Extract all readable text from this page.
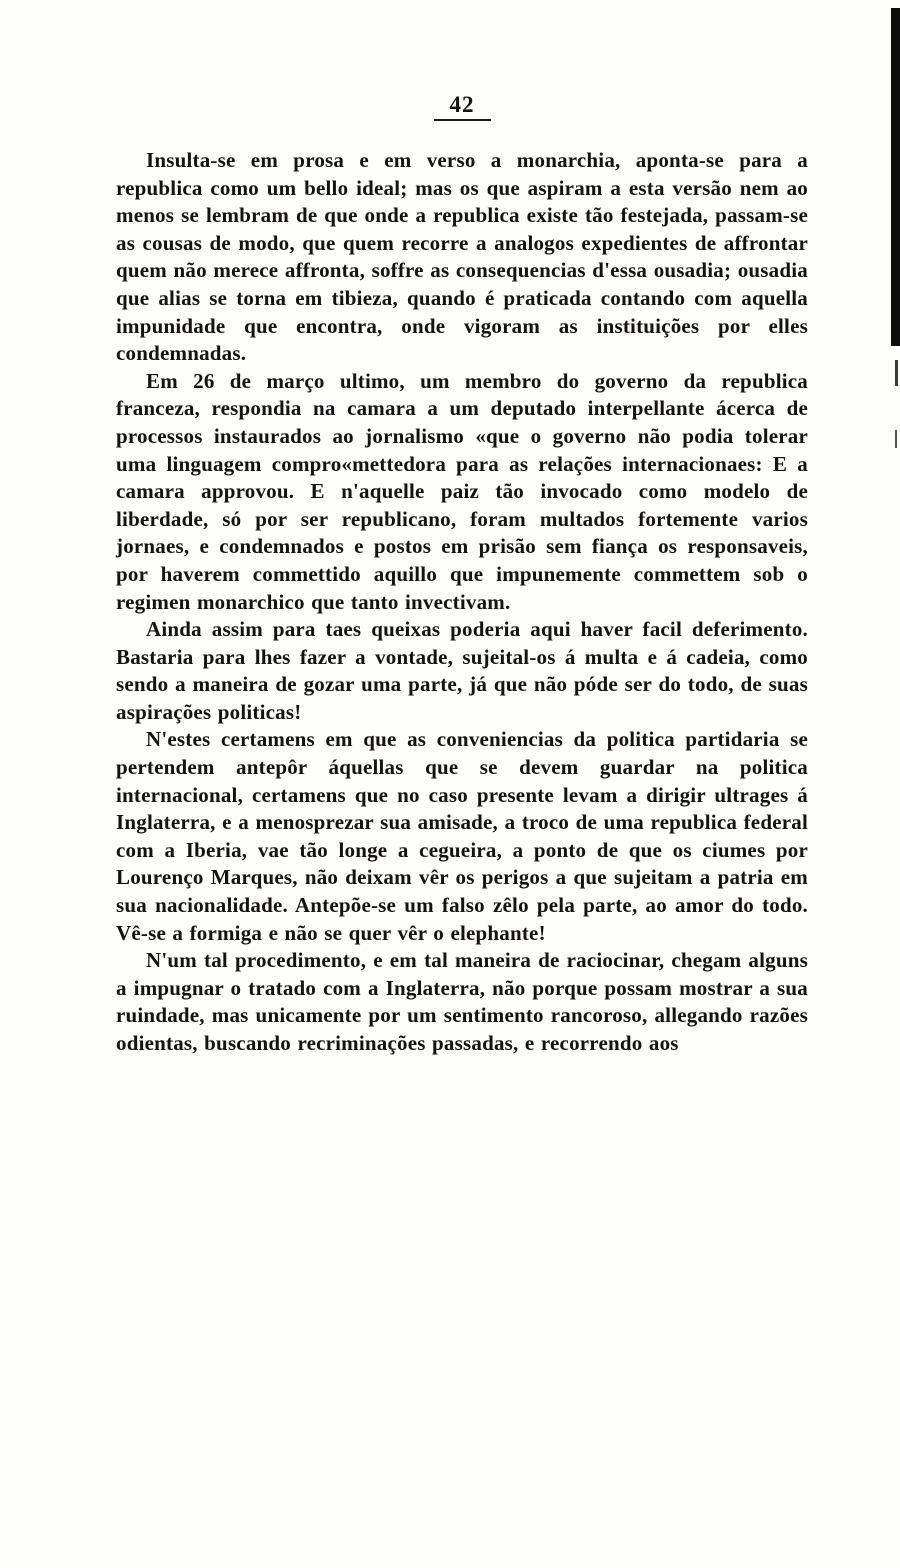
42

Insulta-se em prosa e em verso a monarchia, aponta-se para a republica como um bello ideal; mas os que aspiram a esta versão nem ao menos se lembram de que onde a republica existe tão festejada, passam-se as cousas de modo, que quem recorre a analogos expedientes de affrontar quem não merece affronta, soffre as consequencias d'essa ousadia; ousadia que alias se torna em tibieza, quando é praticada contando com aquella impunidade que encontra, onde vigoram as instituições por elles condemnadas.

Em 26 de março ultimo, um membro do governo da republica franceza, respondia na camara a um deputado interpellante ácerca de processos instaurados ao jornalismo «que o governo não podia tolerar uma linguagem compro«mettedora para as relações internacionaes: E a camara approvou. E n'aquelle paiz tão invocado como modelo de liberdade, só por ser republicano, foram multados fortemente varios jornaes, e condemnados e postos em prisão sem fiança os responsaveis, por haverem commettido aquillo que impunemente commettem sob o regimen monarchico que tanto invectivam.

Ainda assim para taes queixas poderia aqui haver facil deferimento. Bastaria para lhes fazer a vontade, sujeital-os á multa e á cadeia, como sendo a maneira de gozar uma parte, já que não póde ser do todo, de suas aspirações politicas!

N'estes certamens em que as conveniencias da politica partidaria se pertendem antepôr áquellas que se devem guardar na politica internacional, certamens que no caso presente levam a dirigir ultrages á Inglaterra, e a menosprezar sua amisade, a troco de uma republica federal com a Iberia, vae tão longe a cegueira, a ponto de que os ciumes por Lourenço Marques, não deixam vêr os perigos a que sujeitam a patria em sua nacionalidade. Antepõe-se um falso zêlo pela parte, ao amor do todo. Vê-se a formiga e não se quer vêr o elephante!

N'um tal procedimento, e em tal maneira de raciocinar, chegam alguns a impugnar o tratado com a Inglaterra, não porque possam mostrar a sua ruindade, mas unicamente por um sentimento rancoroso, allegando razões odientas, buscando recriminações passadas, e recorrendo aos
